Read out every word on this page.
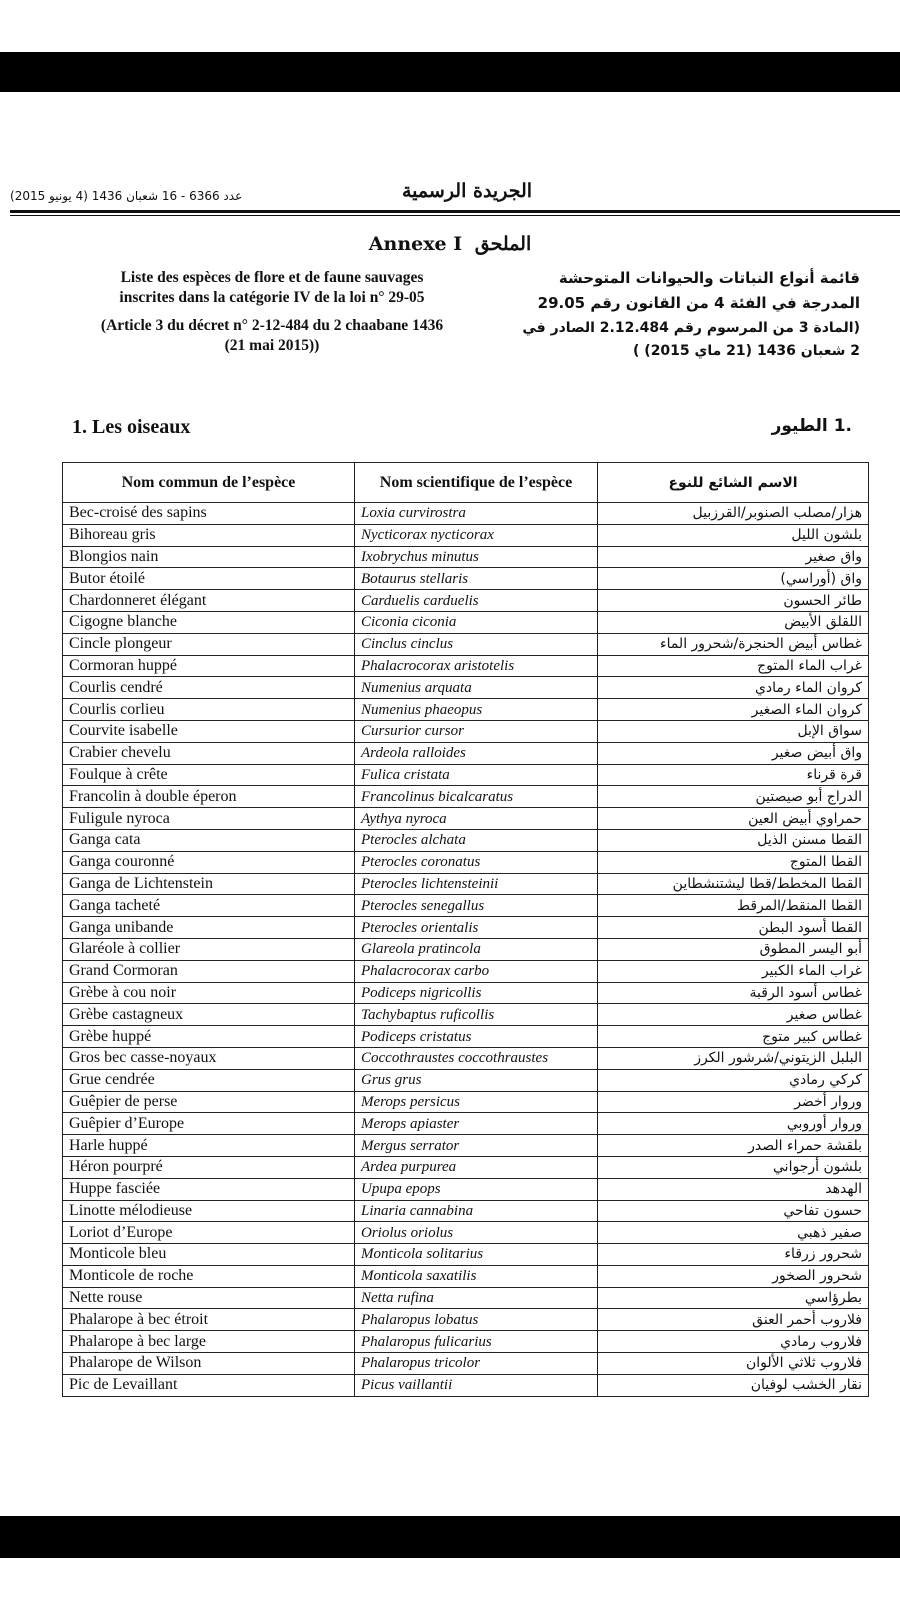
عدد 6366 - 16 شعبان 1436 (4 يونيو 2015)	الجريدة الرسمية
Annexe I الملحق
Liste des espèces de flore et de faune sauvages
inscrites dans la catégorie IV de la loi n° 29-05
(Article 3 du décret n° 2-12-484 du 2 chaabane 1436
(21 mai 2015))
قائمة أنواع النباتات والحيوانات المتوحشة
المدرجة في الفئة 4 من القانون رقم 29.05
(المادة 3 من المرسوم رقم 2.12.484 الصادر في
2 شعبان 1436 (21 ماي 2015) )
1. Les oiseaux	.1 الطيور
Nom commun de l’espèce	Nom scientifique de l’espèce	الاسم الشائع للنوع
Bec-croisé des sapins	Loxia curvirostra	هزار/مصلب الصنوبر/القرزبيل
Bihoreau gris	Nycticorax nycticorax	بلشون الليل
Blongios nain	Ixobrychus minutus	واق صغير
Butor étoilé	Botaurus stellaris	واق (أوراسي)
Chardonneret élégant	Carduelis carduelis	طائر الحسون
Cigogne blanche	Ciconia ciconia	اللقلق الأبيض
Cincle plongeur	Cinclus cinclus	غطاس أبيض الحنجرة/شحرور الماء
Cormoran huppé	Phalacrocorax aristotelis	غراب الماء المتوج
Courlis cendré	Numenius arquata	كروان الماء رمادي
Courlis corlieu	Numenius phaeopus	كروان الماء الصغير
Courvite isabelle	Cursurior cursor	سواق الإبل
Crabier chevelu	Ardeola ralloides	واق أبيض صغير
Foulque à crête	Fulica cristata	قرة قرناء
Francolin à double éperon	Francolinus bicalcaratus	الدراج أبو صيصتين
Fuligule nyroca	Aythya nyroca	حمراوي أبيض العين
Ganga cata	Pterocles alchata	القطا مسنن الذيل
Ganga couronné	Pterocles coronatus	القطا المتوج
Ganga de Lichtenstein	Pterocles lichtensteinii	القطا المخطط/قطا ليشتنشطاين
Ganga tacheté	Pterocles senegallus	القطا المنقط/المرقط
Ganga unibande	Pterocles orientalis	القطا أسود البطن
Glaréole à collier	Glareola pratincola	أبو اليسر المطوق
Grand Cormoran	Phalacrocorax carbo	غراب الماء الكبير
Grèbe à cou noir	Podiceps nigricollis	غطاس أسود الرقبة
Grèbe castagneux	Tachybaptus ruficollis	غطاس صغير
Grèbe huppé	Podiceps cristatus	غطاس كبير متوج
Gros bec casse-noyaux	Coccothraustes coccothraustes	البلبل الزيتوني/شرشور الكرز
Grue cendrée	Grus grus	كركي رمادي
Guêpier de perse	Merops persicus	وروار أخضر
Guêpier d’Europe	Merops apiaster	وروار أوروبي
Harle huppé	Mergus serrator	بلقشة حمراء الصدر
Héron pourpré	Ardea purpurea	بلشون أرجواني
Huppe fasciée	Upupa epops	الهدهد
Linotte mélodieuse	Linaria cannabina	حسون تفاحي
Loriot d’Europe	Oriolus oriolus	صفير ذهبي
Monticole bleu	Monticola solitarius	شحرور زرقاء
Monticole de roche	Monticola saxatilis	شحرور الصخور
Nette rouse	Netta rufina	بطرؤاسي
Phalarope à bec étroit	Phalaropus lobatus	فلاروب أحمر العنق
Phalarope à bec large	Phalaropus fulicarius	فلاروب رمادي
Phalarope de Wilson	Phalaropus tricolor	فلاروب ثلاثي الألوان
Pic de Levaillant	Picus vaillantii	نقار الخشب لوفيان
